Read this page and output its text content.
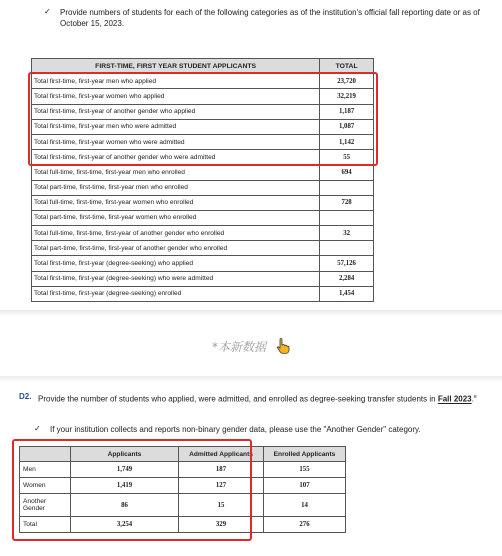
✓ Provide numbers of students for each of the following categories as of the institution's official fall reporting date or as of October 15, 2023.
FIRST-TIME, FIRST YEAR STUDENT APPLICANTS	TOTAL
Total first-time, first-year men who applied	23,720
Total first-time, first-year women who applied	32,219
Total first-time, first-year of another gender who applied	1,187
Total first-time, first-year men who were admitted	1,087
Total first-time, first-year women who were admitted	1,142
Total first-time, first-year of another gender who were admitted	55
Total full-time, first-time, first-year men who enrolled	694
Total part-time, first-time, first-year men who enrolled	
Total full-time, first-time, first-year women who enrolled	728
Total part-time, first-time, first-year women who enrolled	
Total full-time, first-time, first-year of another gender who enrolled	32
Total part-time, first-time, first-year of another gender who enrolled	
Total first-time, first-year (degree-seeking) who applied	57,126
Total first-time, first-year (degree-seeking) who were admitted	2,284
Total first-time, first-year (degree-seeking) enrolled	1,454
*本新数据
D2. Provide the number of students who applied, were admitted, and enrolled as degree-seeking transfer students in Fall 2023.$^e$
✓ If your institution collects and reports non-binary gender data, please use the "Another Gender" category.
	Applicants	Admitted Applicants	Enrolled Applicants
Men	1,749	187	155
Women	1,419	127	107
Another Gender	86	15	14
Total	3,254	329	276
